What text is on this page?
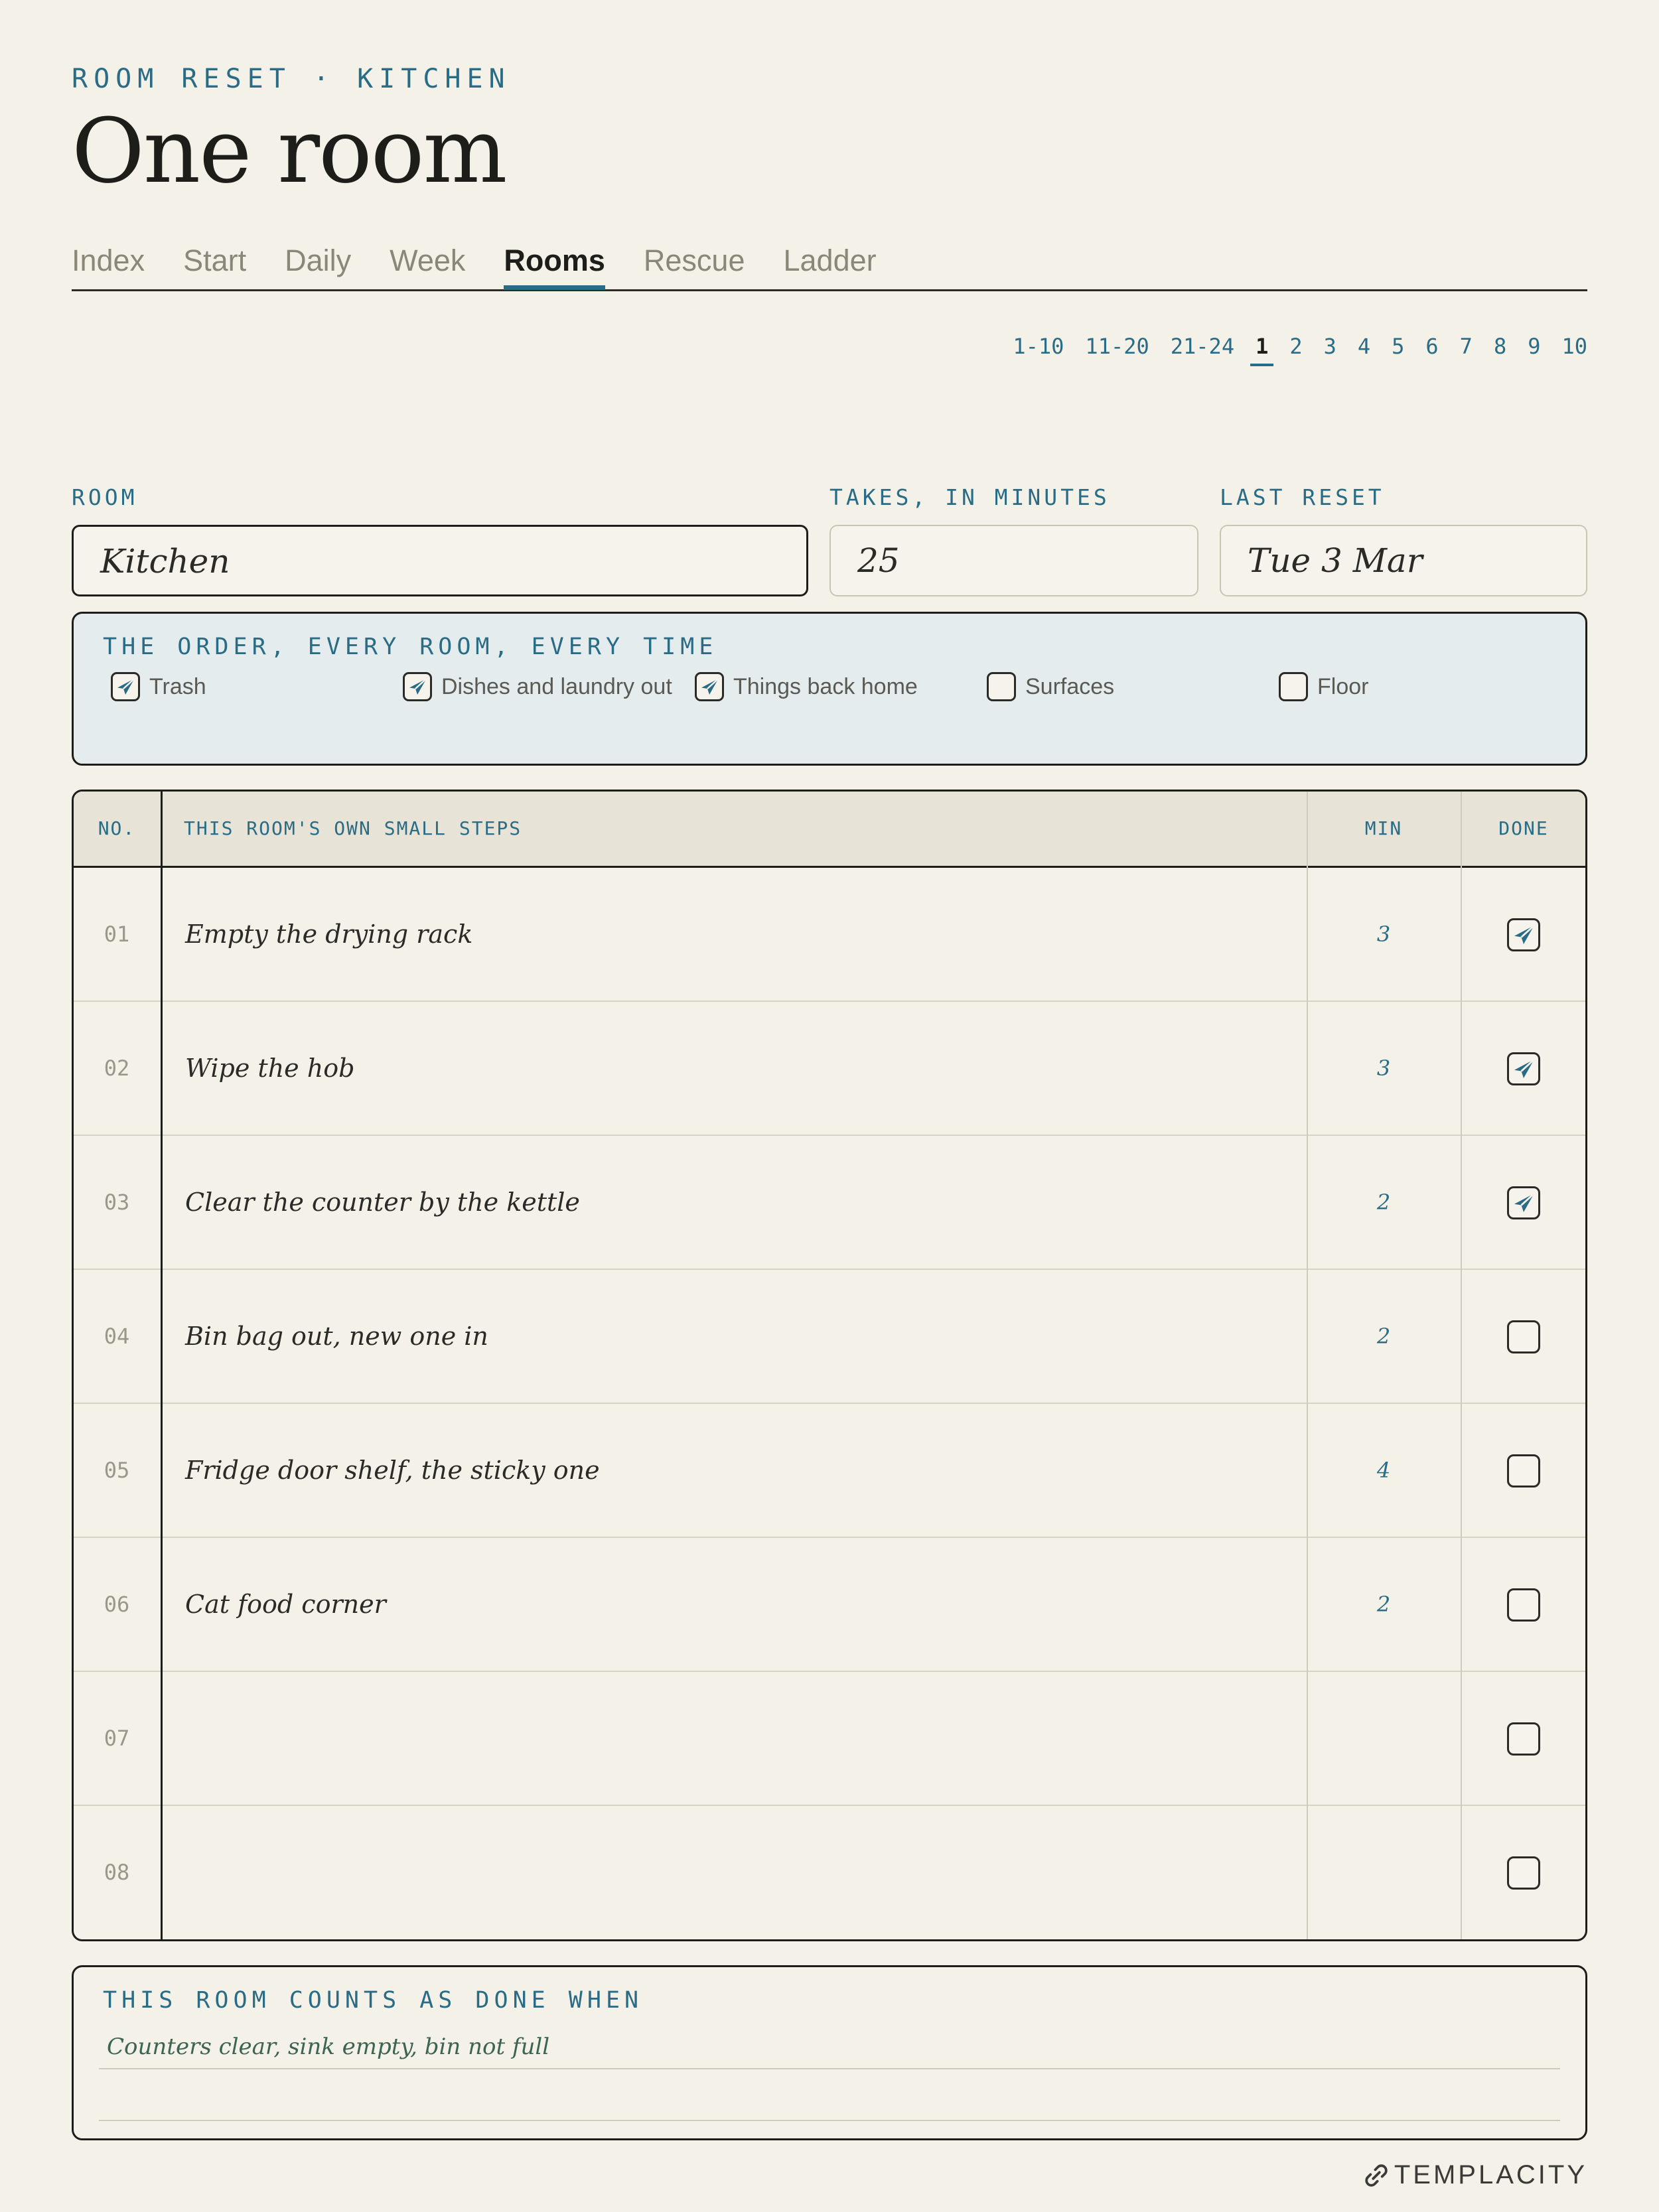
ROOM RESET · KITCHEN
One room
Index Start Daily Week Rooms Rescue Ladder
1-10 11-20 21-24 1 2 3 4 5 6 7 8 9 10
ROOM
Kitchen
TAKES, IN MINUTES
25
LAST RESET
Tue 3 Mar
THE ORDER, EVERY ROOM, EVERY TIME
Trash	Dishes and laundry out	Things back home	Surfaces	Floor
NO.	THIS ROOM'S OWN SMALL STEPS	MIN	DONE
01	Empty the drying rack	3
02	Wipe the hob	3
03	Clear the counter by the kettle	2
04	Bin bag out, new one in	2
05	Fridge door shelf, the sticky one	4
06	Cat food corner	2
07
08
THIS ROOM COUNTS AS DONE WHEN
Counters clear, sink empty, bin not full
TEMPLACITY
